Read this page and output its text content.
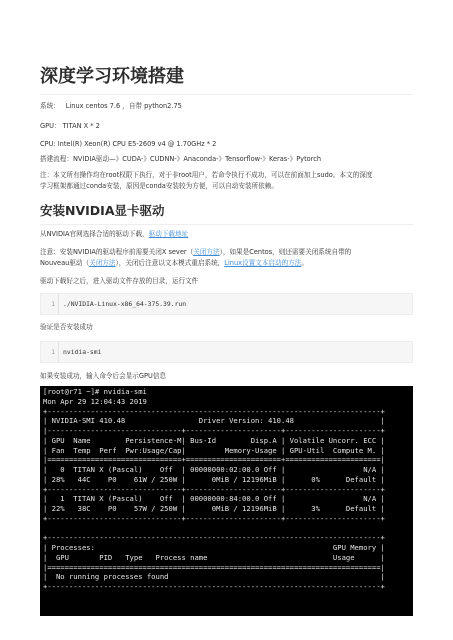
深度学习环境搭建
系统： Linux centos 7.6 ，自带 python2.75
GPU： TITAN X * 2
CPU: Intel(R) Xeon(R) CPU E5-2609 v4 @ 1.70GHz * 2
搭建流程：NVIDIA驱动—》CUDA-》CUDNN-》Anaconda-》Tensorflow-》Keras-》Pytorch
注：本文所有操作均在root权限下执行，对于非root用户，若命令执行不成功，可以在前面加上sudo。本文的深度
学习框架都通过conda安装，原因是conda安装较为方便，可以自动安装所依赖。
安装NVIDIA显卡驱动
从NVIDIA官网选择合适的驱动下载，驱动下载地址
注意：安装NVIDIA的驱动程序前需要关闭X sever（关闭方法），如果是Centos，则还需要关闭系统自带的
Nouveau驱动（关闭方法），关闭后注意以文本模式重启系统，Linux设置文本启动的方法。
驱动下载好之后，进入驱动文件存放的目录，运行文件
1	./NVIDIA-Linux-x86_64-375.39.run
验证是否安装成功
1	nvidia-smi
如果安装成功，输入命令后会显示GPU信息
[root@r71 ~]# nvidia-smi
Mon Apr 29 12:04:43 2019
+-----------------------------------------------------------------------------+
| NVIDIA-SMI 410.48                 Driver Version: 410.48                    |
|-------------------------------+----------------------+----------------------+
| GPU  Name        Persistence-M| Bus-Id        Disp.A | Volatile Uncorr. ECC |
| Fan  Temp  Perf  Pwr:Usage/Cap|         Memory-Usage | GPU-Util  Compute M. |
|===============================+======================+======================|
|   0  TITAN X (Pascal)    Off  | 00000000:02:00.0 Off |                  N/A |
| 28%   44C    P0    61W / 250W |      0MiB / 12196MiB |      0%      Default |
+-------------------------------+----------------------+----------------------+
|   1  TITAN X (Pascal)    Off  | 00000000:84:00.0 Off |                  N/A |
| 22%   38C    P0    57W / 250W |      0MiB / 12196MiB |      3%      Default |
+-------------------------------+----------------------+----------------------+

+-----------------------------------------------------------------------------+
| Processes:                                                       GPU Memory |
|  GPU       PID   Type   Process name                             Usage      |
|=============================================================================|
|  No running processes found                                                 |
+-----------------------------------------------------------------------------+
